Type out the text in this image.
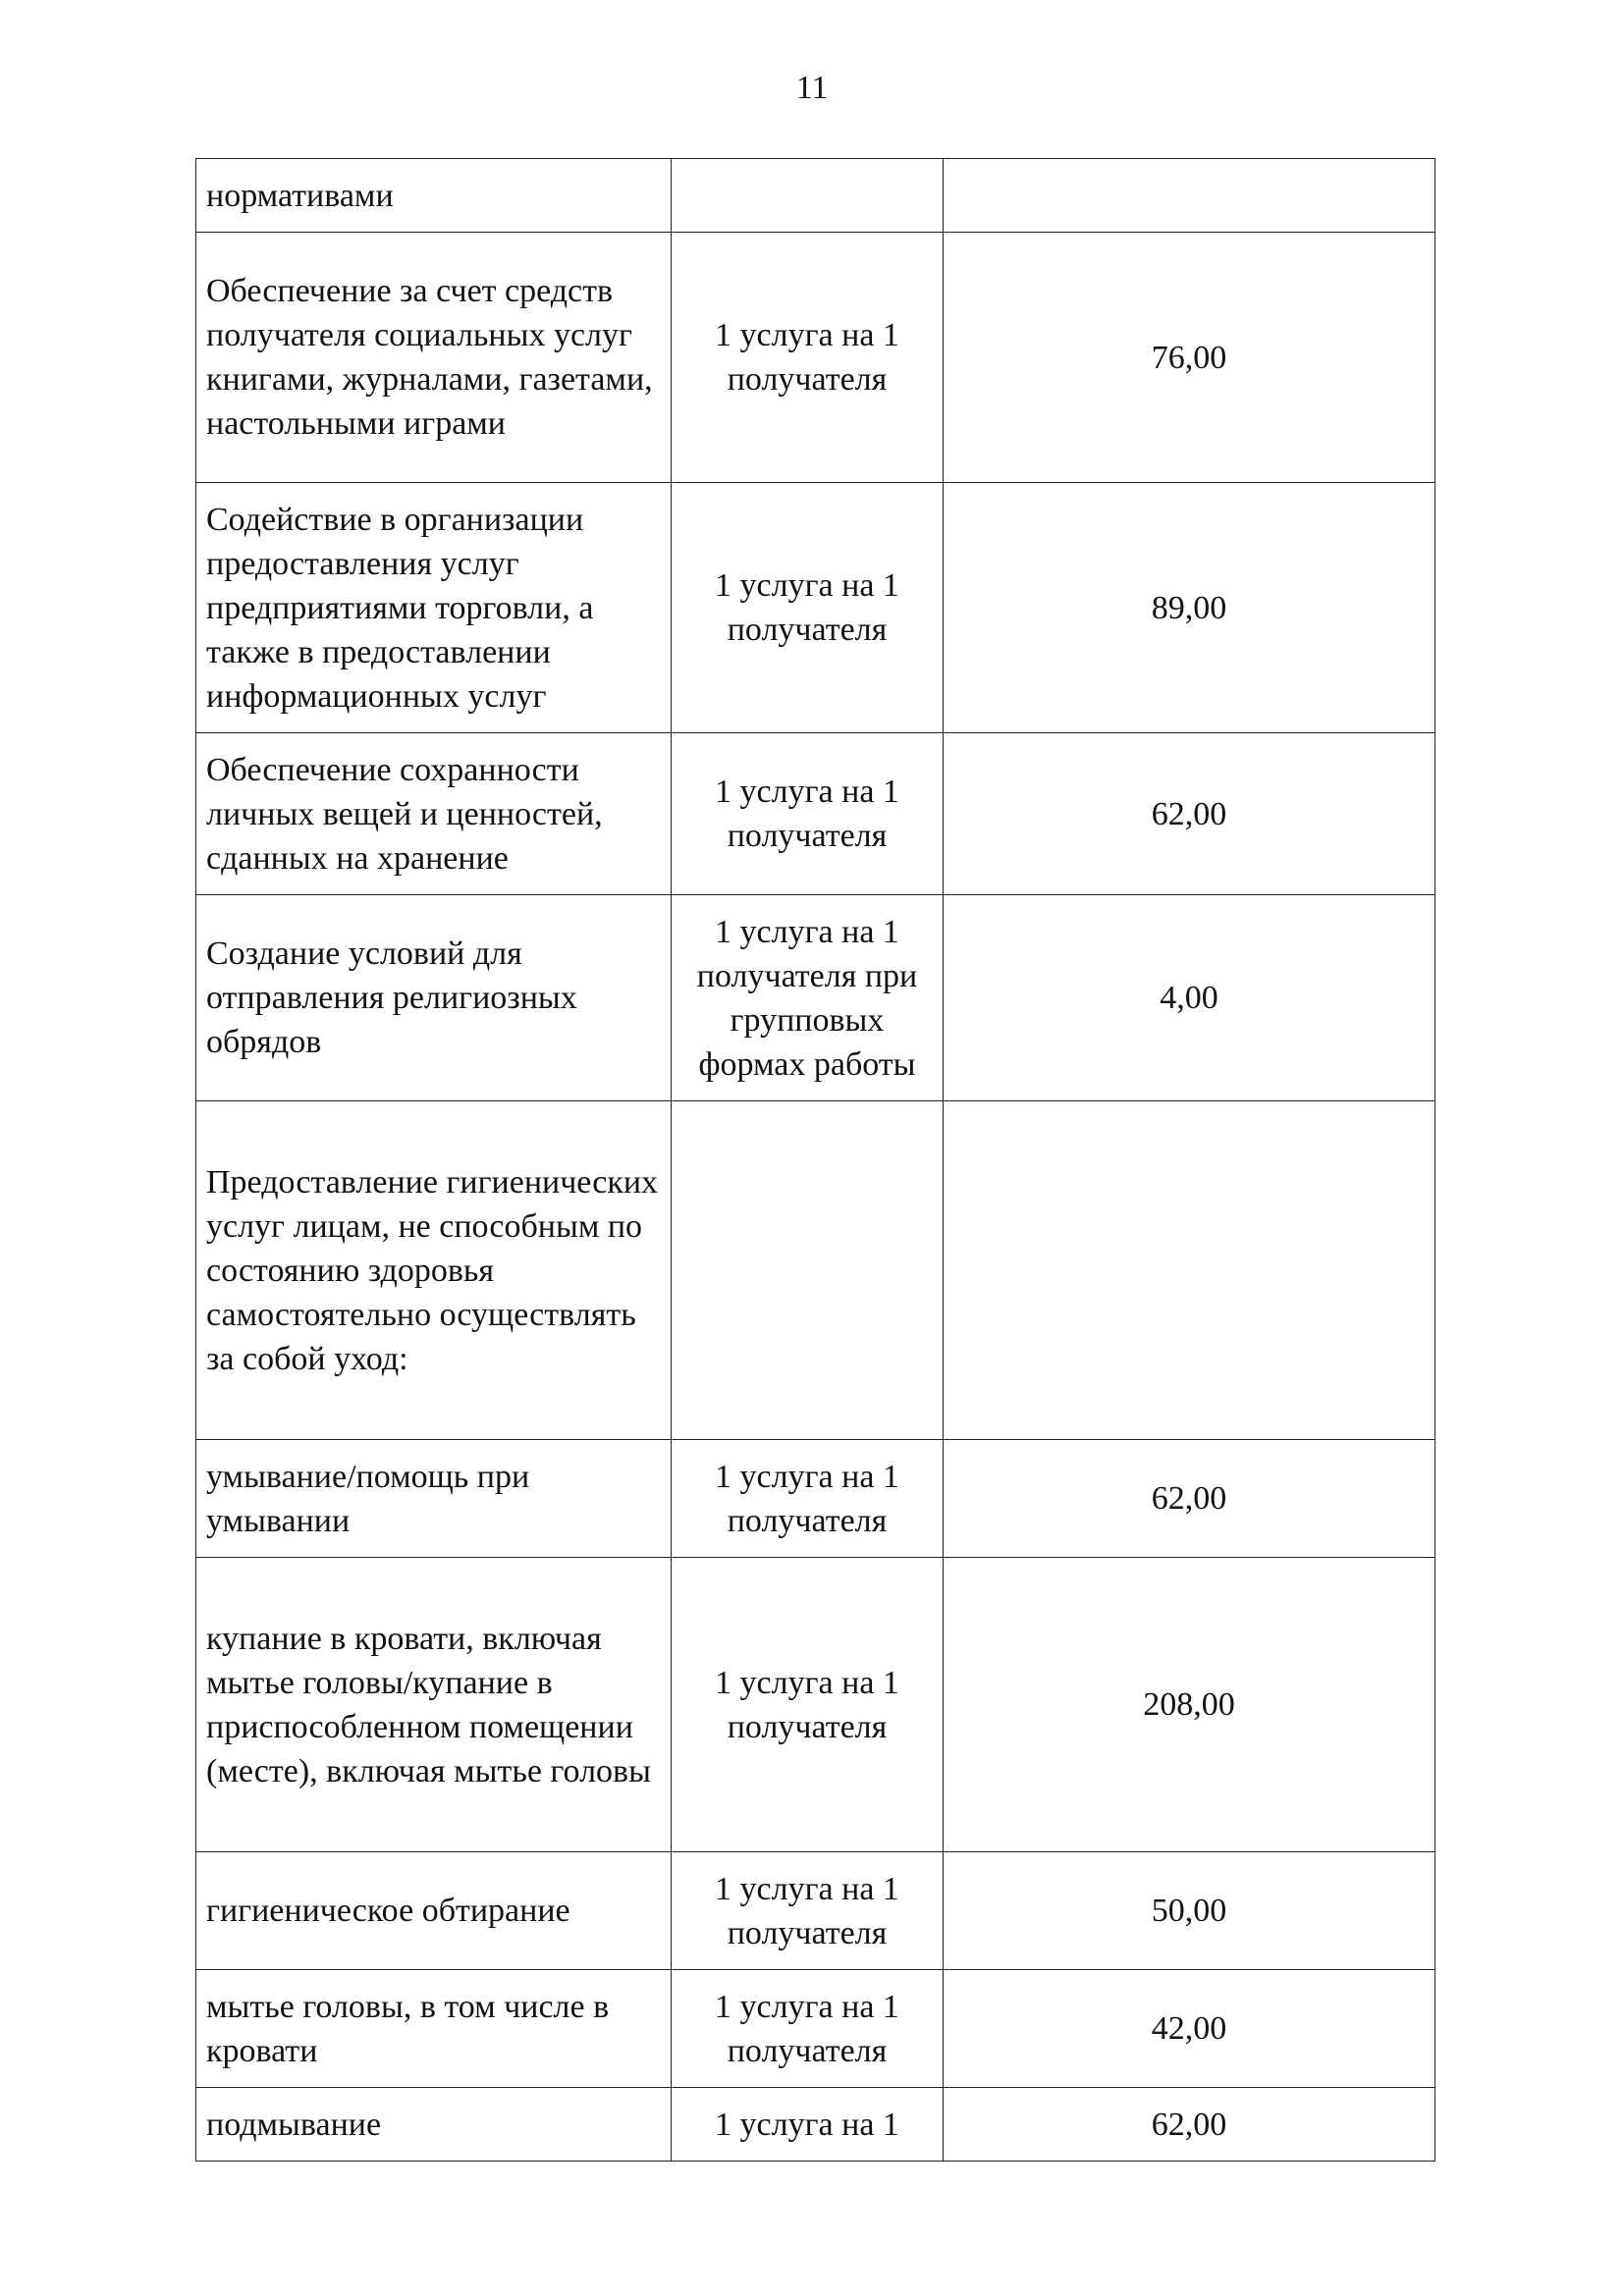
11
нормативами		
Обеспечение за счет средств получателя социальных услуг книгами, журналами, газетами, настольными играми	1 услуга на 1 получателя	76,00
Содействие в организации предоставления услуг предприятиями торговли, а также в предоставлении информационных услуг	1 услуга на 1 получателя	89,00
Обеспечение сохранности личных вещей и ценностей, сданных на хранение	1 услуга на 1 получателя	62,00
Создание условий для отправления религиозных обрядов	1 услуга на 1 получателя при групповых формах работы	4,00
Предоставление гигиенических услуг лицам, не способным по состоянию здоровья самостоятельно осуществлять за собой уход:		
умывание/помощь при умывании	1 услуга на 1 получателя	62,00
купание в кровати, включая мытье головы/купание в приспособленном помещении (месте), включая мытье головы	1 услуга на 1 получателя	208,00
гигиеническое обтирание	1 услуга на 1 получателя	50,00
мытье головы, в том числе в кровати	1 услуга на 1 получателя	42,00
подмывание	1 услуга на 1	62,00
